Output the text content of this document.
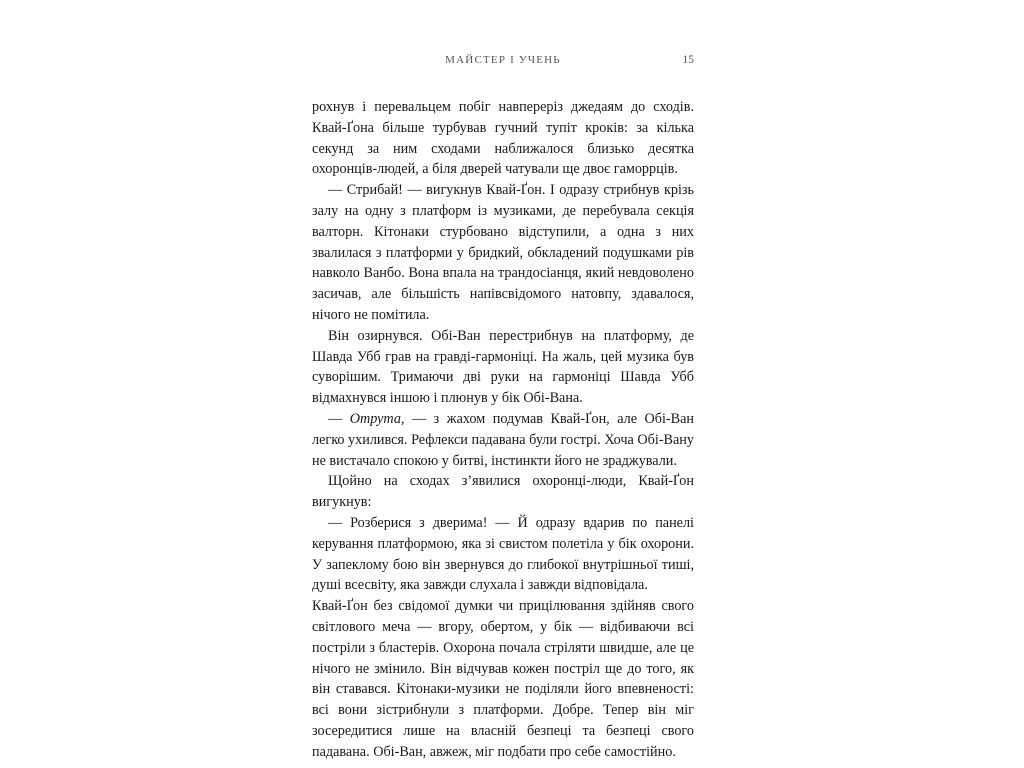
МАЙСТЕР І УЧЕНЬ	15

рохнув і перевальцем побіг навпереріз джедаям до сходів. Квай-Ґона більше турбував гучний тупіт кроків: за кілька секунд за ним сходами наближалося близько десятка охоронців-людей, а біля дверей чатували ще двоє гаморрців.

— Стрибай! — вигукнув Квай-Ґон. І одразу стрибнув крізь залу на одну з платформ із музиками, де перебувала секція валторн. Кітонаки стурбовано відступили, а одна з них звалилася з платформи у бридкий, обкладений подушками рів навколо Ванбо. Вона впала на трандосіанця, який невдоволено засичав, але більшість напівсвідомого натовпу, здавалося, нічого не помітила.

Він озирнувся. Обі-Ван перестрибнув на платформу, де Шавда Убб грав на гравді-гармоніці. На жаль, цей музика був суворішим. Тримаючи дві руки на гармоніці Шавда Убб відмахнувся іншою і плюнув у бік Обі-Вана.

— Отрута, — з жахом подумав Квай-Ґон, але Обі-Ван легко ухилився. Рефлекси падавана були гострі. Хоча Обі-Вану не вистачало спокою у битві, інстинкти його не зраджували.

Щойно на сходах з’явилися охоронці-люди, Квай-Ґон вигукнув:

— Розберися з дверима! — Й одразу вдарив по панелі керування платформою, яка зі свистом полетіла у бік охорони. У запеклому бою він звернувся до глибокої внутрішньої тиші, душі всесвіту, яка завжди слухала і завжди відповідала.

Квай-Ґон без свідомої думки чи прицілювання здійняв свого світлового меча — вгору, обертом, у бік — відбиваючи всі постріли з бластерів. Охорона почала стріляти швидше, але це нічого не змінило. Він відчував кожен постріл ще до того, як він ставався. Кітонаки-музики не поділяли його впевненості: всі вони зістрибнули з платформи. Добре. Тепер він міг зосередитися лише на власній безпеці та безпеці свого падавана. Обі-Ван, авжеж, міг подбати про себе самостійно.
